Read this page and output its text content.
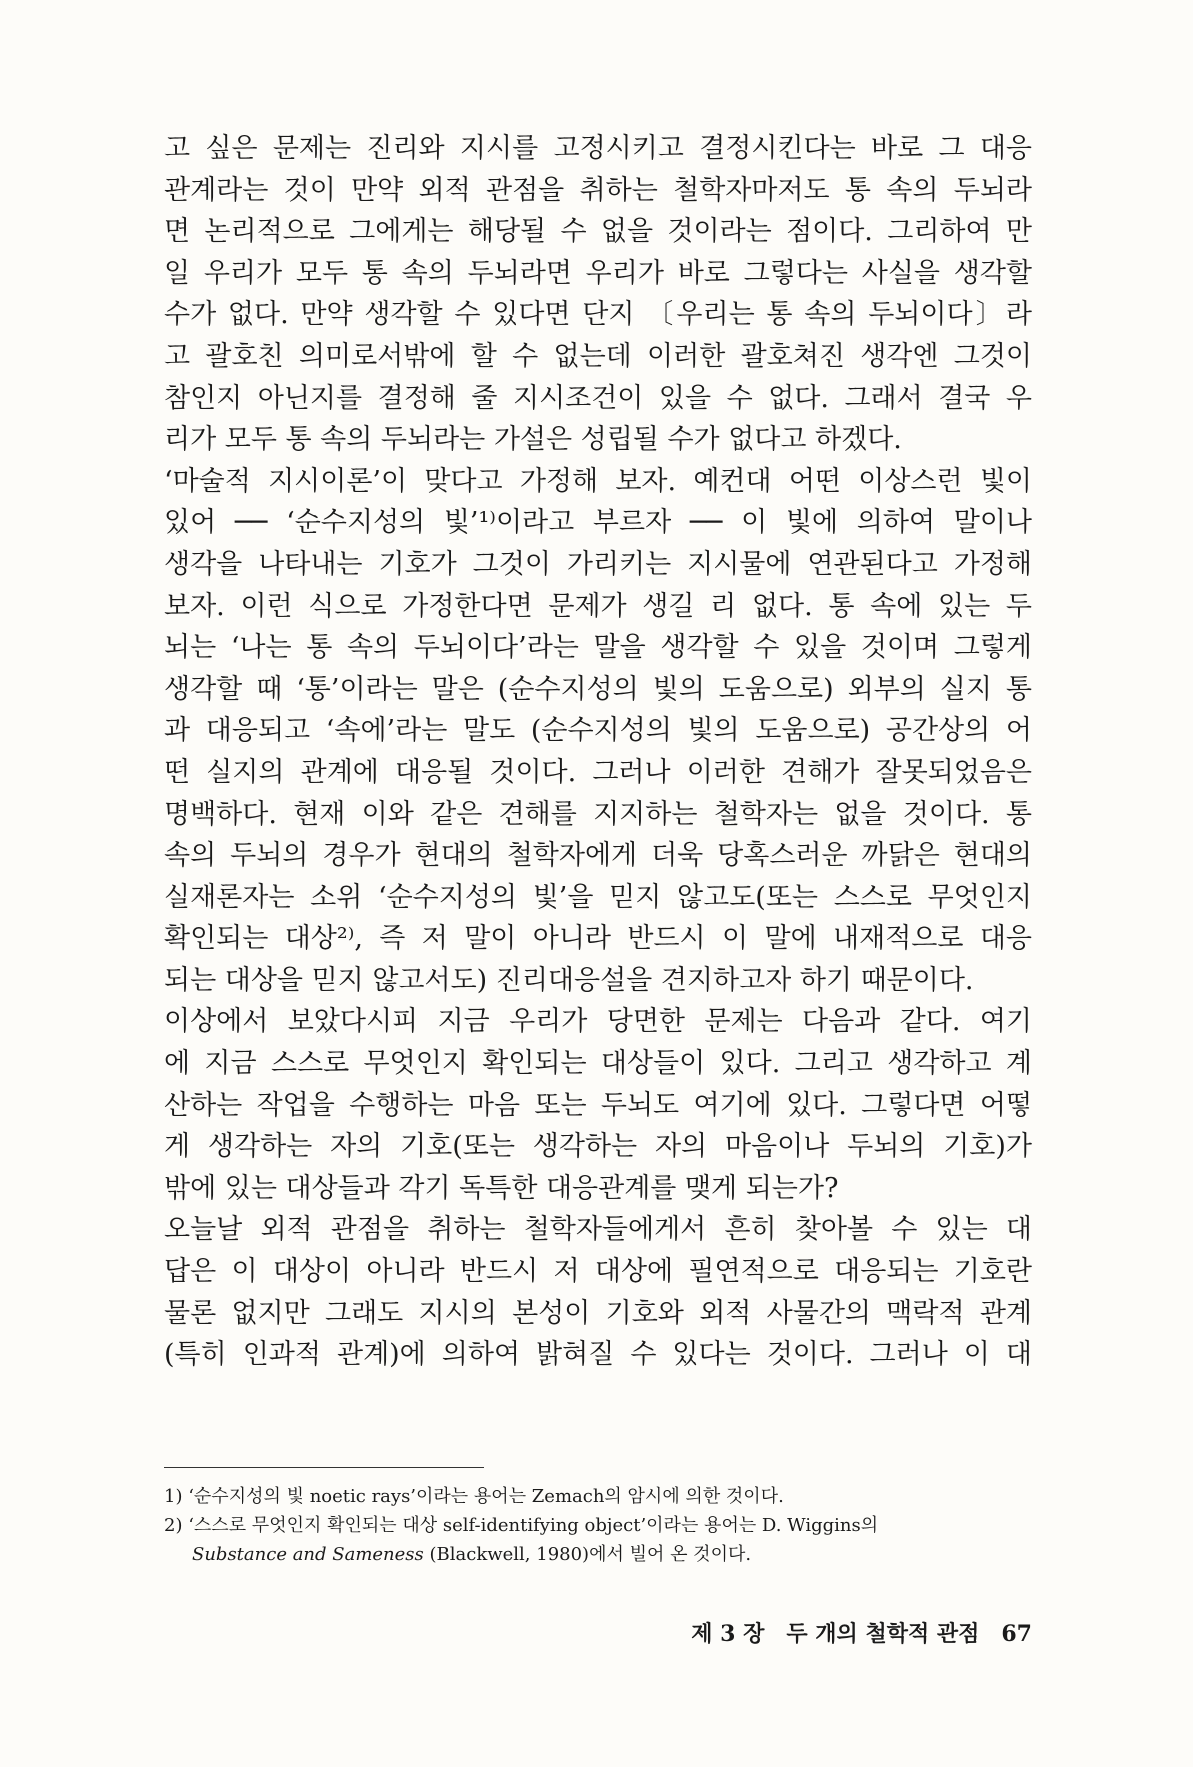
고 싶은 문제는 진리와 지시를 고정시키고 결정시킨다는 바로 그 대응
관계라는 것이 만약 외적 관점을 취하는 철학자마저도 통 속의 두뇌라
면 논리적으로 그에게는 해당될 수 없을 것이라는 점이다. 그리하여 만
일 우리가 모두 통 속의 두뇌라면 우리가 바로 그렇다는 사실을 생각할
수가 없다. 만약 생각할 수 있다면 단지 〔우리는 통 속의 두뇌이다〕라
고 괄호친 의미로서밖에 할 수 없는데 이러한 괄호쳐진 생각엔 그것이
참인지 아닌지를 결정해 줄 지시조건이 있을 수 없다. 그래서 결국 우
리가 모두 통 속의 두뇌라는 가설은 성립될 수가 없다고 하겠다.
‘마술적 지시이론’이 맞다고 가정해 보자. 예컨대 어떤 이상스런 빛이
있어 ── ‘순수지성의 빛’¹⁾이라고 부르자 ── 이 빛에 의하여 말이나
생각을 나타내는 기호가 그것이 가리키는 지시물에 연관된다고 가정해
보자. 이런 식으로 가정한다면 문제가 생길 리 없다. 통 속에 있는 두
뇌는 ‘나는 통 속의 두뇌이다’라는 말을 생각할 수 있을 것이며 그렇게
생각할 때 ‘통’이라는 말은 (순수지성의 빛의 도움으로) 외부의 실지 통
과 대응되고 ‘속에’라는 말도 (순수지성의 빛의 도움으로) 공간상의 어
떤 실지의 관계에 대응될 것이다. 그러나 이러한 견해가 잘못되었음은
명백하다. 현재 이와 같은 견해를 지지하는 철학자는 없을 것이다. 통
속의 두뇌의 경우가 현대의 철학자에게 더욱 당혹스러운 까닭은 현대의
실재론자는 소위 ‘순수지성의 빛’을 믿지 않고도(또는 스스로 무엇인지
확인되는 대상²⁾, 즉 저 말이 아니라 반드시 이 말에 내재적으로 대응
되는 대상을 믿지 않고서도) 진리대응설을 견지하고자 하기 때문이다.
이상에서 보았다시피 지금 우리가 당면한 문제는 다음과 같다. 여기
에 지금 스스로 무엇인지 확인되는 대상들이 있다. 그리고 생각하고 계
산하는 작업을 수행하는 마음 또는 두뇌도 여기에 있다. 그렇다면 어떻
게 생각하는 자의 기호(또는 생각하는 자의 마음이나 두뇌의 기호)가
밖에 있는 대상들과 각기 독특한 대응관계를 맺게 되는가?
오늘날 외적 관점을 취하는 철학자들에게서 흔히 찾아볼 수 있는 대
답은 이 대상이 아니라 반드시 저 대상에 필연적으로 대응되는 기호란
물론 없지만 그래도 지시의 본성이 기호와 외적 사물간의 맥락적 관계
(특히 인과적 관계)에 의하여 밝혀질 수 있다는 것이다. 그러나 이 대
1) ‘순수지성의 빛 noetic rays’이라는 용어는 Zemach의 암시에 의한 것이다.
2) ‘스스로 무엇인지 확인되는 대상 self-identifying object’이라는 용어는 D. Wiggins의
Substance and Sameness (Blackwell, 1980)에서 빌어 온 것이다.
제 3 장 두 개의 철학적 관점 67
